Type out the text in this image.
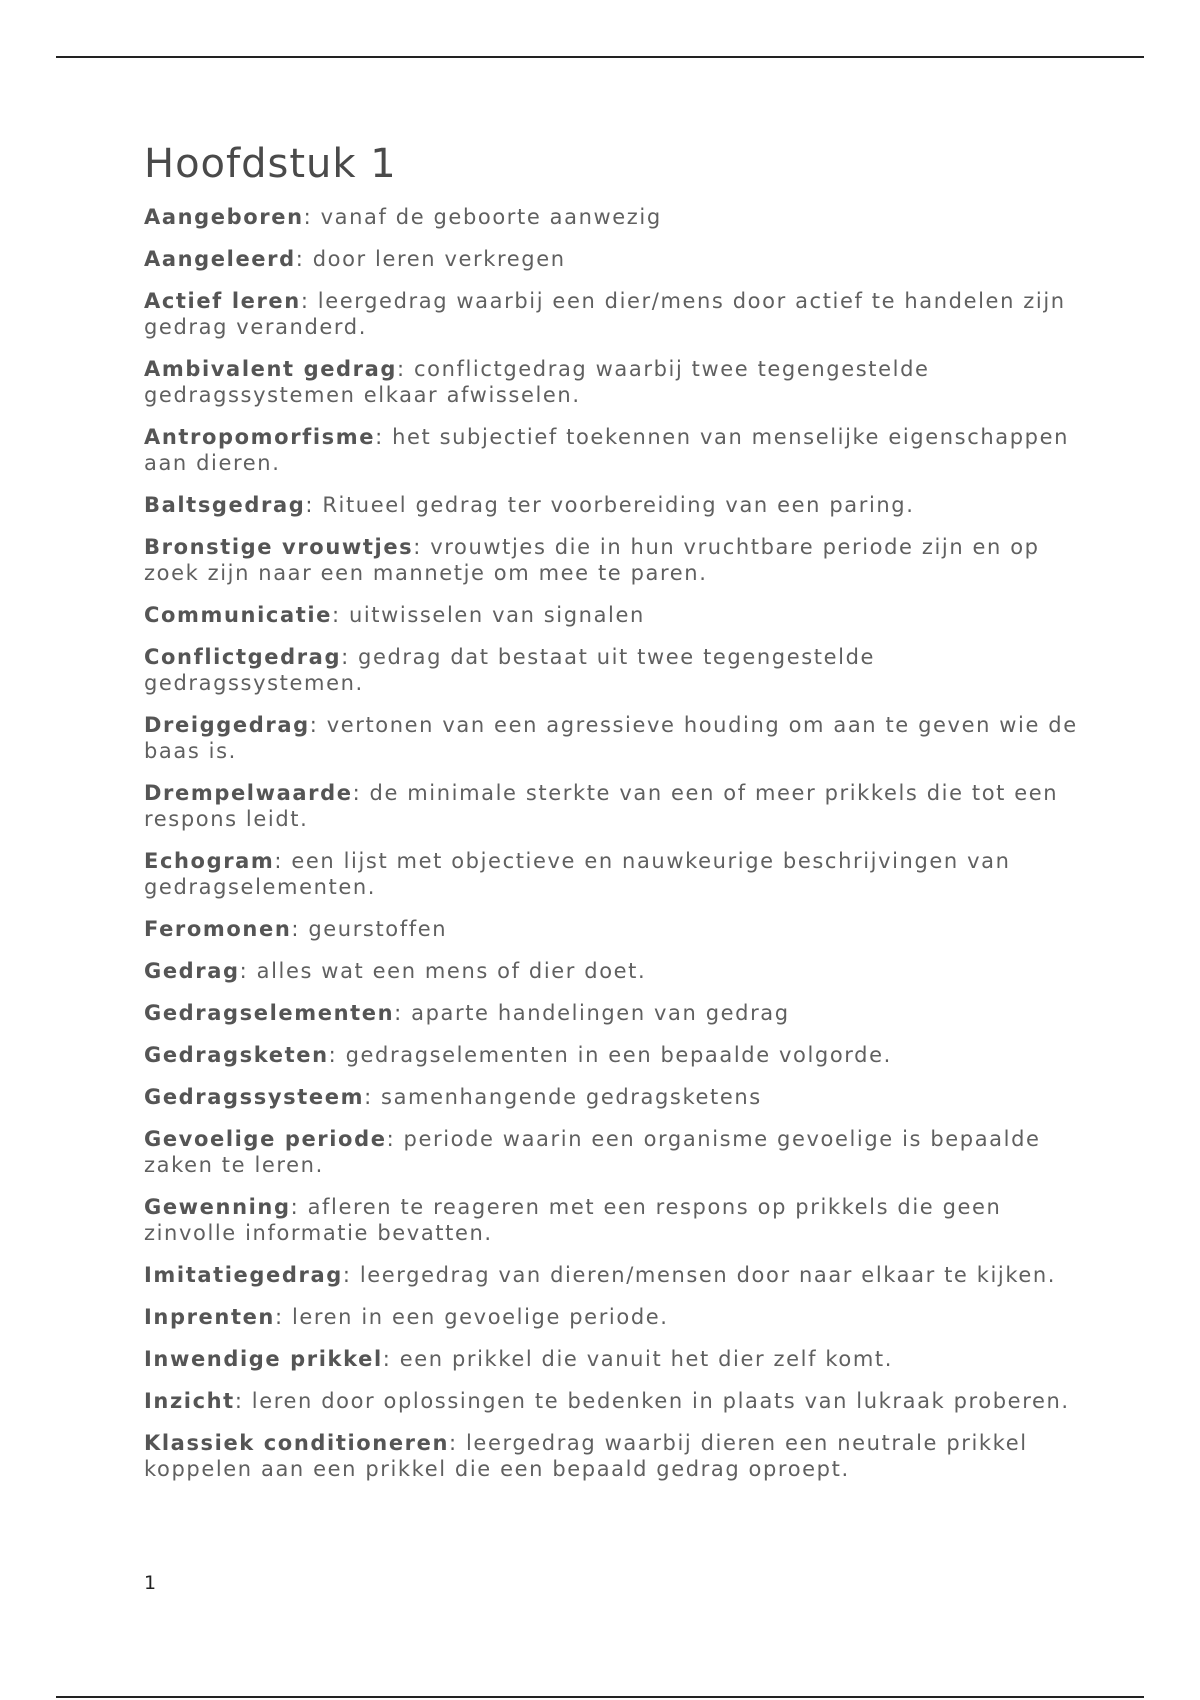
Hoofdstuk 1

Aangeboren: vanaf de geboorte aanwezig

Aangeleerd: door leren verkregen

Actief leren: leergedrag waarbij een dier/mens door actief te handelen zijn gedrag veranderd.

Ambivalent gedrag: conflictgedrag waarbij twee tegengestelde gedragssystemen elkaar afwisselen.

Antropomorfisme: het subjectief toekennen van menselijke eigenschappen aan dieren.

Baltsgedrag: Ritueel gedrag ter voorbereiding van een paring.

Bronstige vrouwtjes: vrouwtjes die in hun vruchtbare periode zijn en op zoek zijn naar een mannetje om mee te paren.

Communicatie: uitwisselen van signalen

Conflictgedrag: gedrag dat bestaat uit twee tegengestelde gedragssystemen.

Dreiggedrag: vertonen van een agressieve houding om aan te geven wie de baas is.

Drempelwaarde: de minimale sterkte van een of meer prikkels die tot een respons leidt.

Echogram: een lijst met objectieve en nauwkeurige beschrijvingen van gedragselementen.

Feromonen: geurstoffen

Gedrag: alles wat een mens of dier doet.

Gedragselementen: aparte handelingen van gedrag

Gedragsketen: gedragselementen in een bepaalde volgorde.

Gedragssysteem: samenhangende gedragsketens

Gevoelige periode: periode waarin een organisme gevoelige is bepaalde zaken te leren.

Gewenning: afleren te reageren met een respons op prikkels die geen zinvolle informatie bevatten.

Imitatiegedrag: leergedrag van dieren/mensen door naar elkaar te kijken.

Inprenten: leren in een gevoelige periode.

Inwendige prikkel: een prikkel die vanuit het dier zelf komt.

Inzicht: leren door oplossingen te bedenken in plaats van lukraak proberen.

Klassiek conditioneren: leergedrag waarbij dieren een neutrale prikkel koppelen aan een prikkel die een bepaald gedrag oproept.

1
